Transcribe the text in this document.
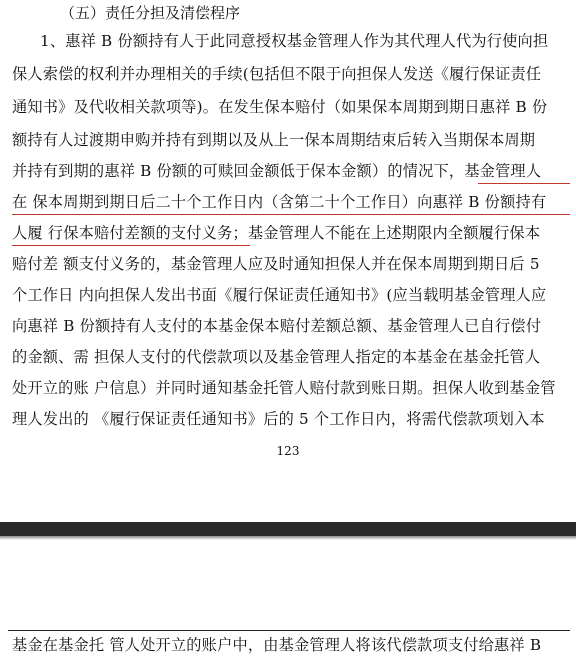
（五）责任分担及清偿程序
1、惠祥 B 份额持有人于此同意授权基金管理人作为其代理人代为行使向担
保人索偿的权利并办理相关的手续(包括但不限于向担保人发送《履行保证责任
通知书》及代收相关款项等)。在发生保本赔付（如果保本周期到期日惠祥 B 份
额持有人过渡期申购并持有到期以及从上一保本周期结束后转入当期保本周期
并持有到期的惠祥 B 份额的可赎回金额低于保本金额）的情况下，基金管理人
在 保本周期到期日后二十个工作日内（含第二十个工作日）向惠祥 B 份额持有
人履 行保本赔付差额的支付义务；基金管理人不能在上述期限内全额履行保本
赔付差 额支付义务的，基金管理人应及时通知担保人并在保本周期到期日后 5
个工作日 内向担保人发出书面《履行保证责任通知书》(应当载明基金管理人应
向惠祥 B 份额持有人支付的本基金保本赔付差额总额、基金管理人已自行偿付
的金额、需 担保人支付的代偿款项以及基金管理人指定的本基金在基金托管人
处开立的账 户信息）并同时通知基金托管人赔付款到账日期。担保人收到基金管
理人发出的 《履行保证责任通知书》后的 5 个工作日内，将需代偿款项划入本
123
基金在基金托 管人处开立的账户中，由基金管理人将该代偿款项支付给惠祥 B
